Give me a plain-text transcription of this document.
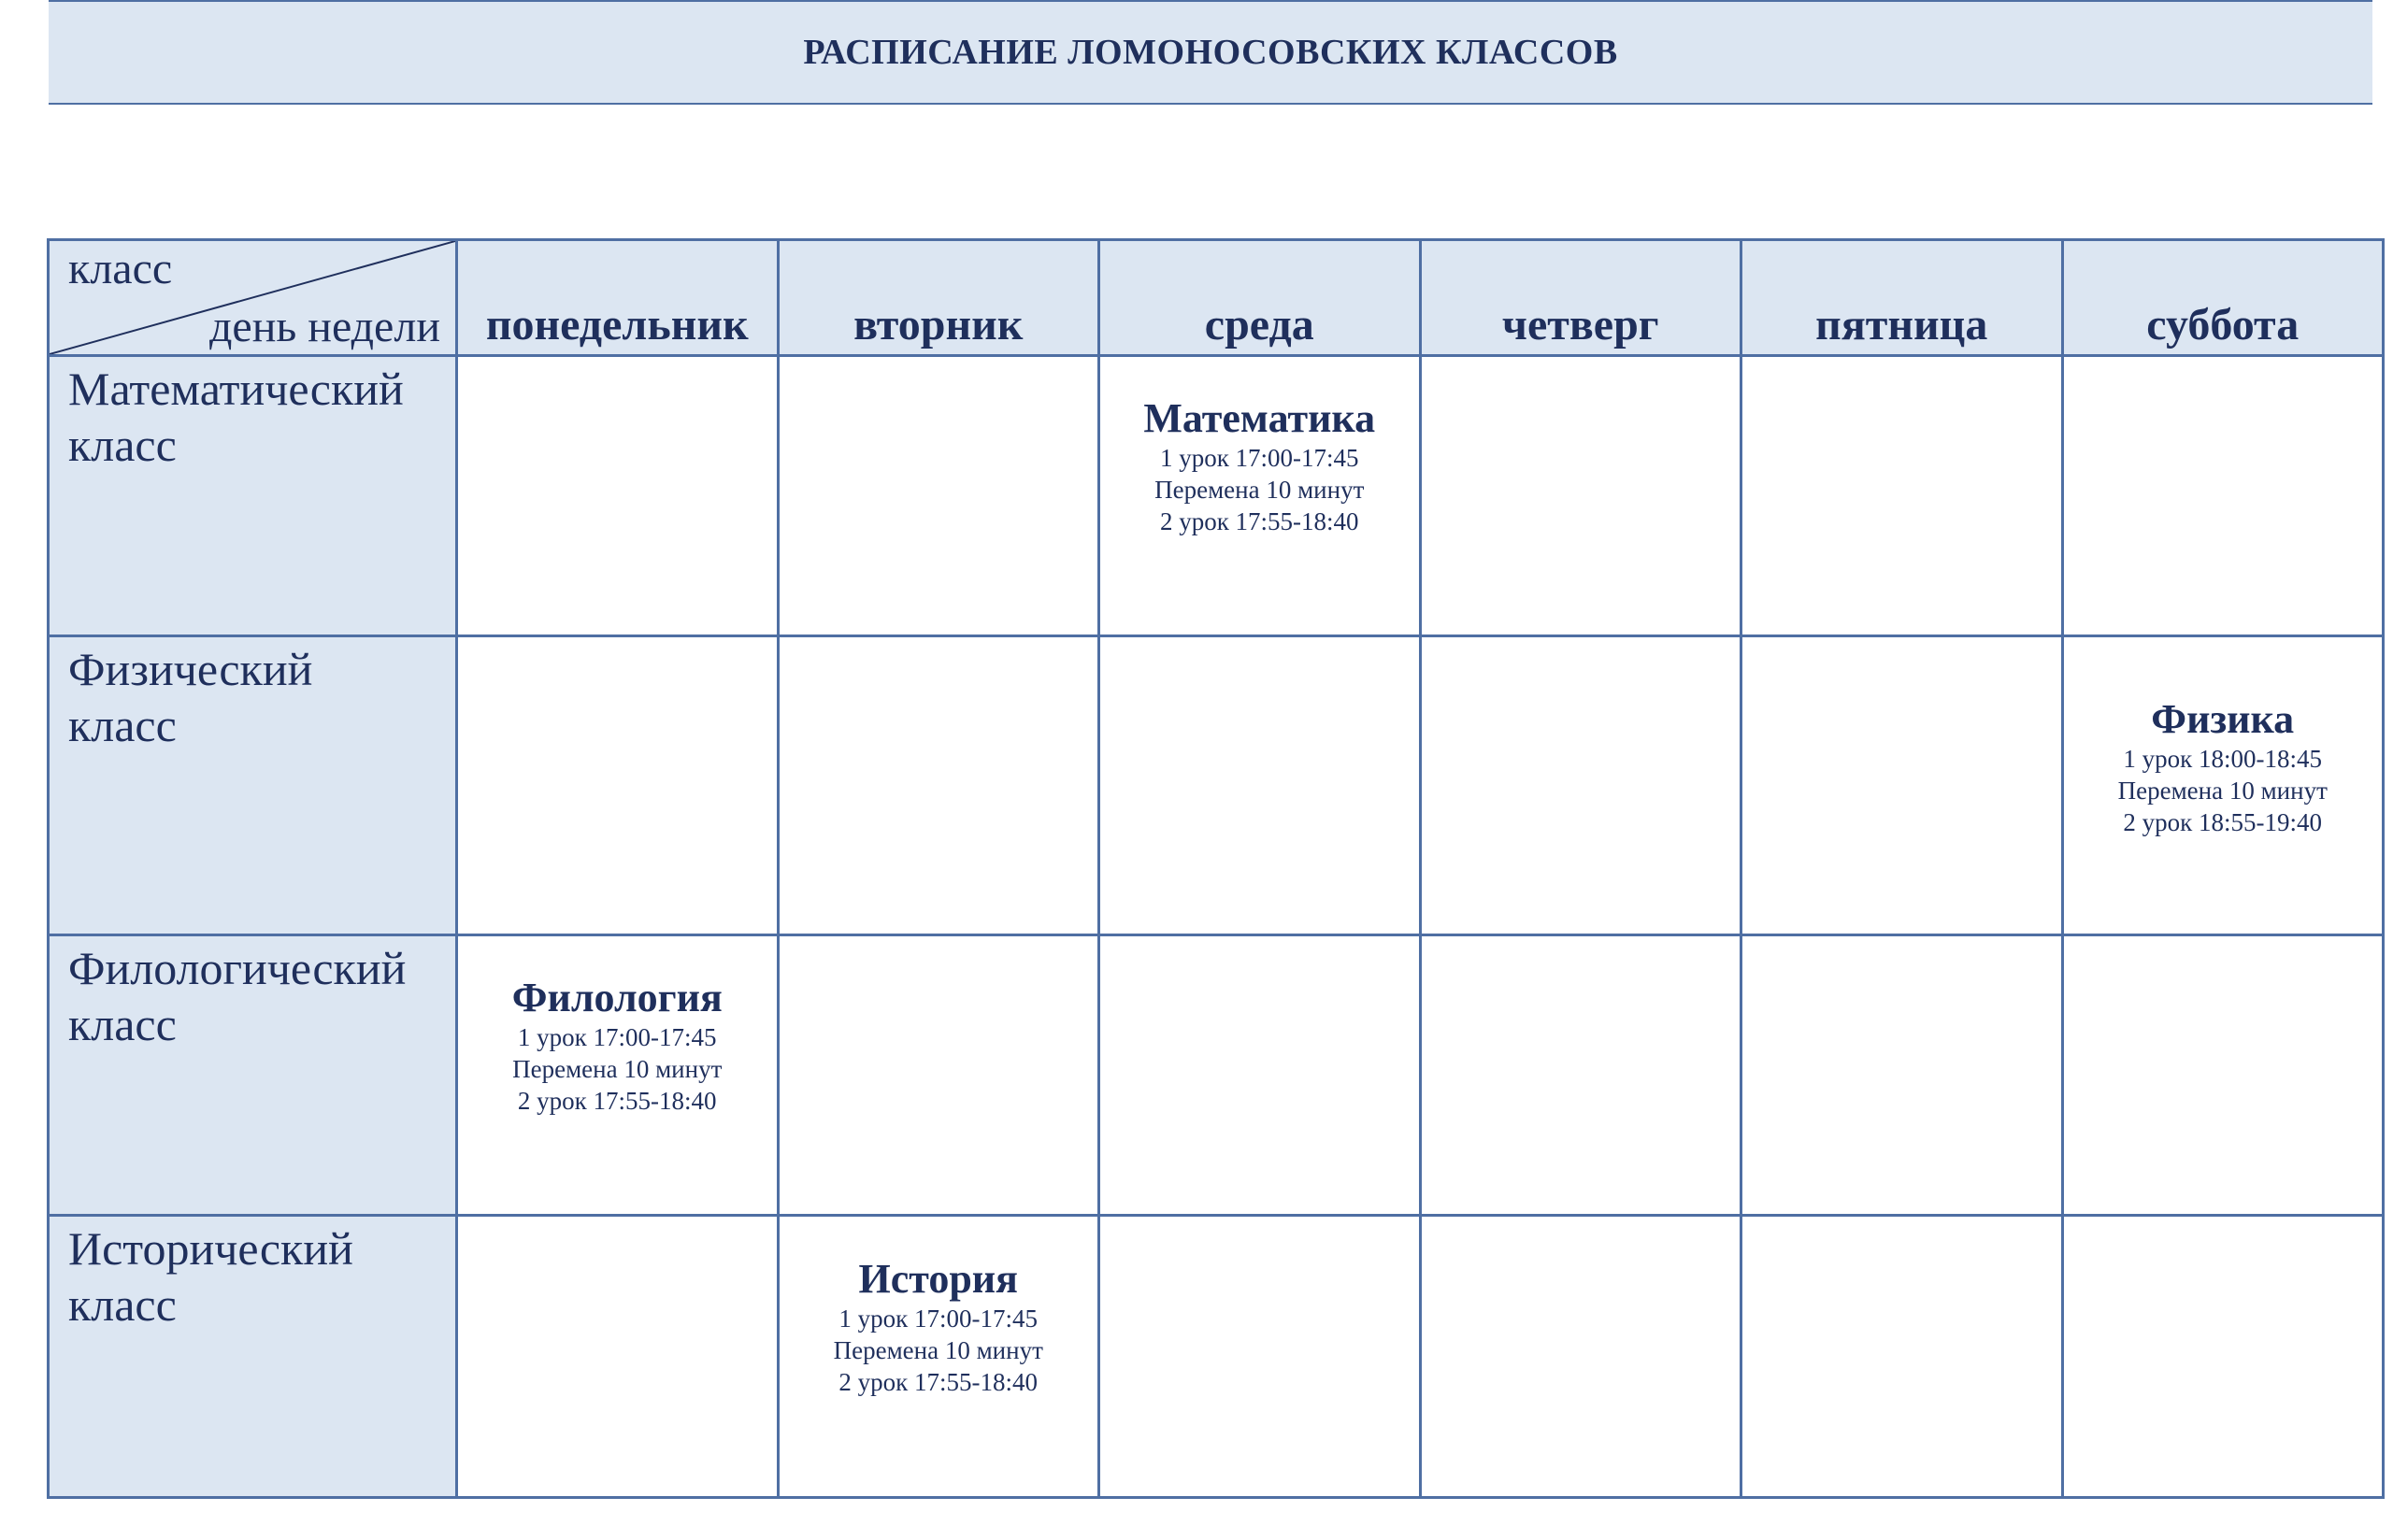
РАСПИСАНИЕ ЛОМОНОСОВСКИХ КЛАССОВ
класс
день недели	понедельник	вторник	среда	четверг	пятница	суббота

Математический
класс			Математика
1 урок 17:00-17:45
Перемена 10 минут
2 урок 17:55-18:40			

Физический
класс						Физика
1 урок 18:00-18:45
Перемена 10 минут
2 урок 18:55-19:40

Филологический
класс	Филология
1 урок 17:00-17:45
Перемена 10 минут
2 урок 17:55-18:40					

Исторический
класс		История
1 урок 17:00-17:45
Перемена 10 минут
2 урок 17:55-18:40				
